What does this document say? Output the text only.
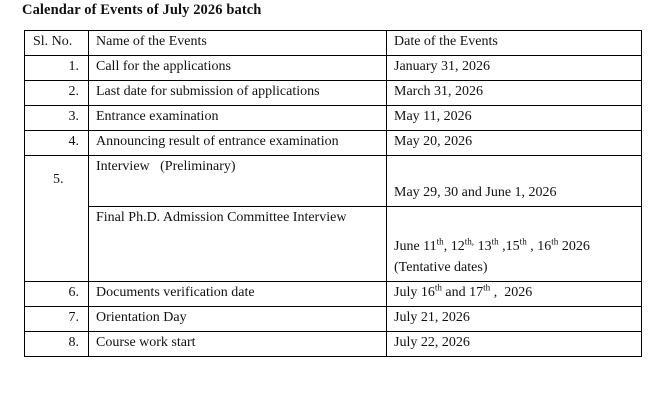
Calendar of Events of July 2026 batch
Sl. No.	Name of the Events	Date of the Events

1.	Call for the applications	January 31, 2026

2.	Last date for submission of applications	March 31, 2026

3.	Entrance examination	May 11, 2026

4.	Announcing result of entrance examination	May 20, 2026

5.	Interview   (Preliminary)	May 29, 30 and June 1, 2026

	Final Ph.D. Admission Committee Interview	June 11th, $12^{th,}$ 13th ,15th , 16th 2026
(Tentative dates)

6.	Documents verification date	July 16th and 17th ,  2026

7.	Orientation Day	July 21, 2026

8.	Course work start	July 22, 2026
